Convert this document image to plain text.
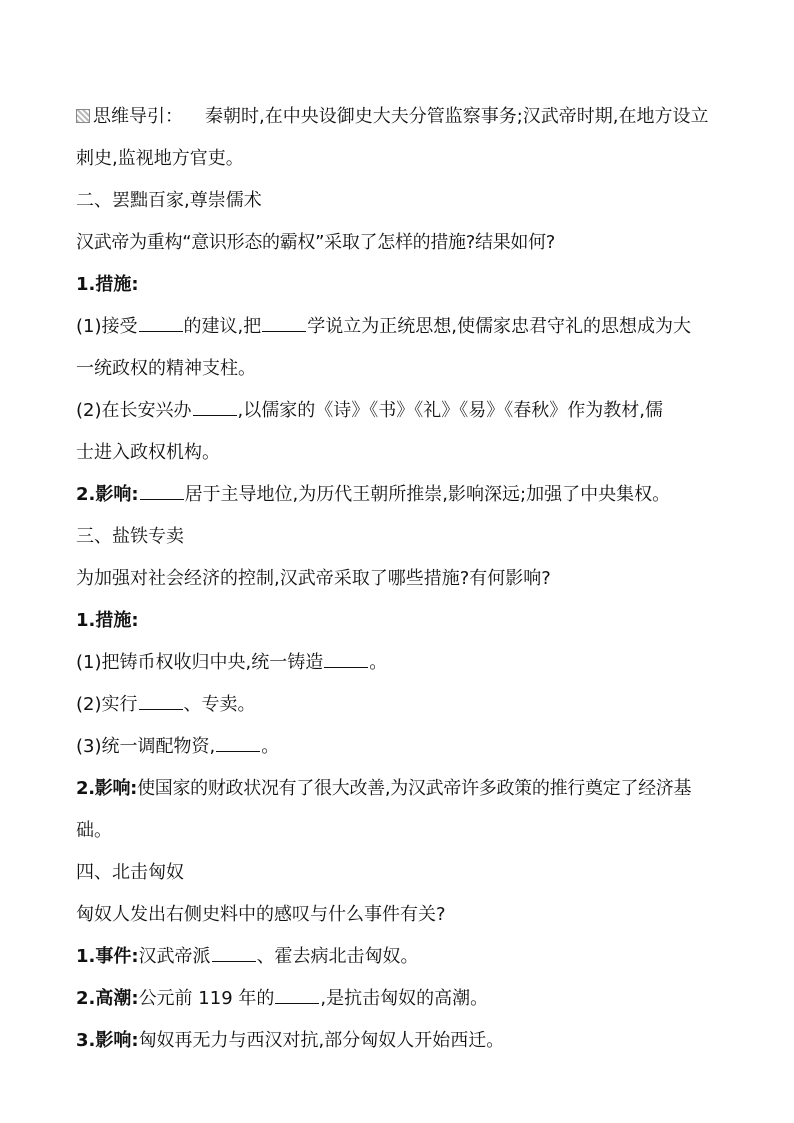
思维导引： 秦朝时,在中央设御史大夫分管监察事务;汉武帝时期,在地方设立
刺史,监视地方官吏。
二、罢黜百家,尊崇儒术
汉武帝为重构“意识形态的霸权”采取了怎样的措施?结果如何?
1.措施:
(1)接受	的建议,把	学说立为正统思想,使儒家忠君守礼的思想成为大
一统政权的精神支柱。
(2)在长安兴办	,以儒家的《诗》《书》《礼》《易》《春秋》作为教材,儒
士进入政权机构。
2.影响:	居于主导地位,为历代王朝所推崇,影响深远;加强了中央集权。
三、盐铁专卖
为加强对社会经济的控制,汉武帝采取了哪些措施?有何影响?
1.措施:
(1)把铸币权收归中央,统一铸造	。
(2)实行	、专卖。
(3)统一调配物资,	。
2.影响:使国家的财政状况有了很大改善,为汉武帝许多政策的推行奠定了经济基
础。
四、北击匈奴
匈奴人发出右侧史料中的感叹与什么事件有关?
1.事件:汉武帝派	、霍去病北击匈奴。
2.高潮:公元前 119 年的	,是抗击匈奴的高潮。
3.影响:匈奴再无力与西汉对抗,部分匈奴人开始西迁。
